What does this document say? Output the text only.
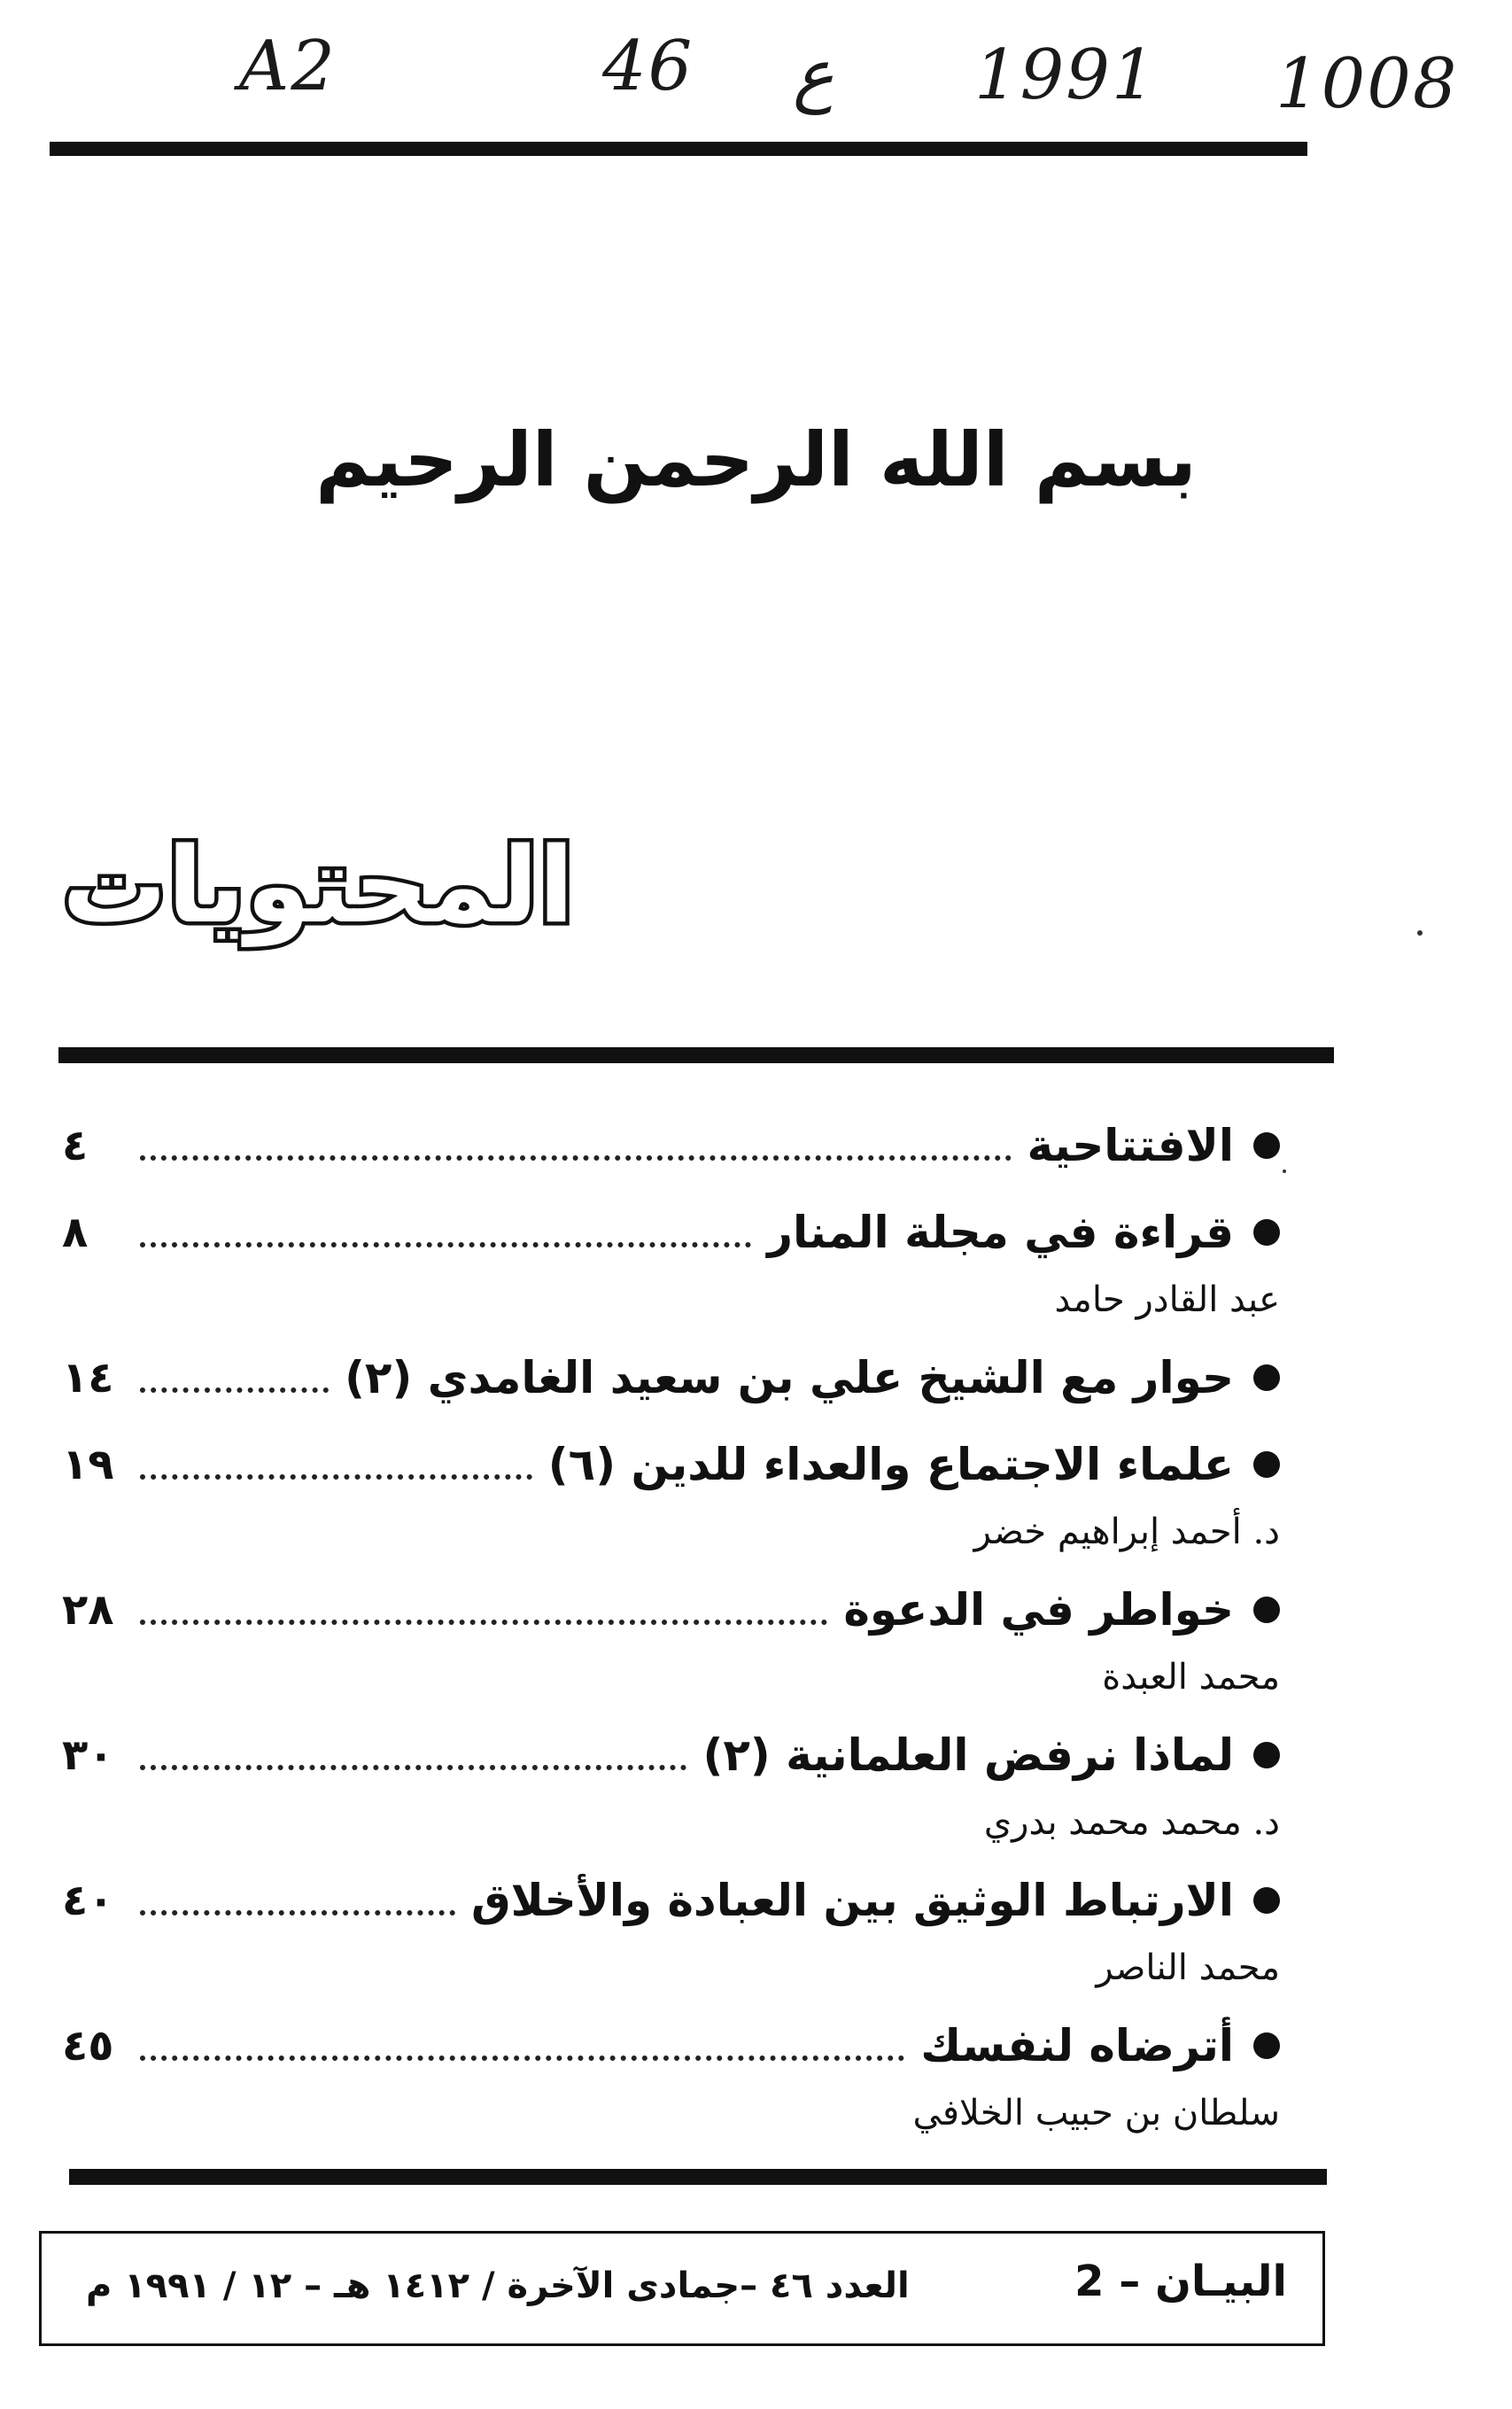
A2	46 ع 1991 1008
بسم الله الرحمن الرحيم
المحتويات
الافتتاحية
٤
قراءة في مجلة المنار
٨
عبد القادر حامد
حوار مع الشيخ علي بن سعيد الغامدي (٢)
١٤
علماء الاجتماع والعداء للدين (٦)
١٩
د. أحمد إبراهيم خضر
خواطر في الدعوة
٢٨
محمد العبدة
لماذا نرفض العلمانية (٢)
٣٠
د. محمد محمد بدري
الارتباط الوثيق بين العبادة والأخلاق
٤٠
محمد الناصر
أترضاه لنفسك
٤٥
سلطان بن حبيب الخلافي
البيـان – 2
العدد ٤٦ –جمادى الآخرة / ١٤١٢ هـ – ١٢ / ١٩٩١ م
